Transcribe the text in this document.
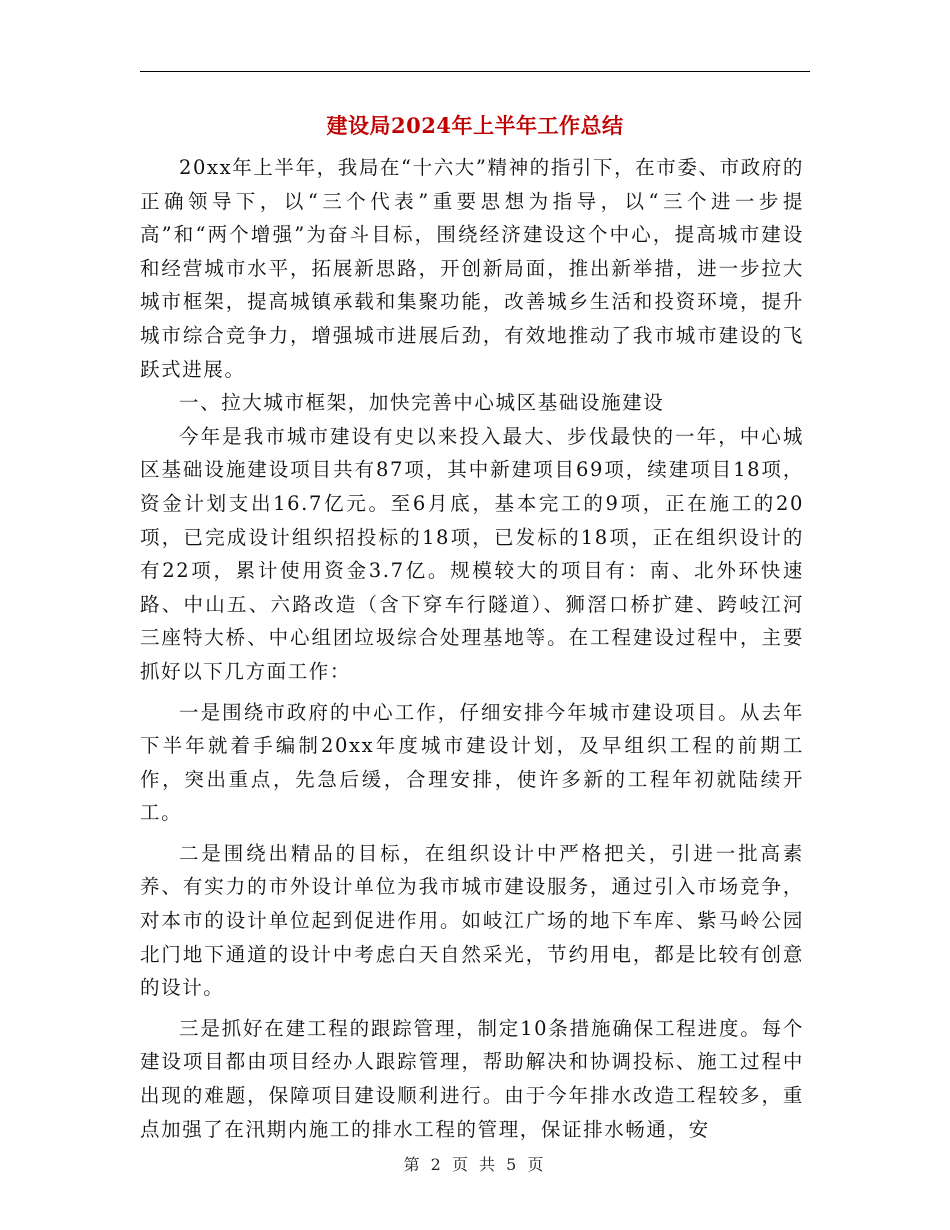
建设局2024年上半年工作总结

20xx年上半年，我局在“十六大”精神的指引下，在市委、市政府的正确领导下，以“三个代表”重要思想为指导，以“三个进一步提高”和“两个增强”为奋斗目标，围绕经济建设这个中心，提高城市建设和经营城市水平，拓展新思路，开创新局面，推出新举措，进一步拉大城市框架，提高城镇承载和集聚功能，改善城乡生活和投资环境，提升城市综合竞争力，增强城市进展后劲，有效地推动了我市城市建设的飞跃式进展。

一、拉大城市框架，加快完善中心城区基础设施建设

今年是我市城市建设有史以来投入最大、步伐最快的一年，中心城区基础设施建设项目共有87项，其中新建项目69项，续建项目18项，资金计划支出16.7亿元。至6月底，基本完工的9项，正在施工的20项，已完成设计组织招投标的18项，已发标的18项，正在组织设计的有22项，累计使用资金3.7亿。规模较大的项目有：南、北外环快速路、中山五、六路改造（含下穿车行隧道）、狮滘口桥扩建、跨岐江河三座特大桥、中心组团垃圾综合处理基地等。在工程建设过程中，主要抓好以下几方面工作：

一是围绕市政府的中心工作，仔细安排今年城市建设项目。从去年下半年就着手编制20xx年度城市建设计划，及早组织工程的前期工作，突出重点，先急后缓，合理安排，使许多新的工程年初就陆续开工。

二是围绕出精品的目标，在组织设计中严格把关，引进一批高素养、有实力的市外设计单位为我市城市建设服务，通过引入市场竞争，对本市的设计单位起到促进作用。如岐江广场的地下车库、紫马岭公园北门地下通道的设计中考虑白天自然采光，节约用电，都是比较有创意的设计。

三是抓好在建工程的跟踪管理，制定10条措施确保工程进度。每个建设项目都由项目经办人跟踪管理，帮助解决和协调投标、施工过程中出现的难题，保障项目建设顺利进行。由于今年排水改造工程较多，重点加强了在汛期内施工的排水工程的管理，保证排水畅通，安

第 2 页 共 5 页
